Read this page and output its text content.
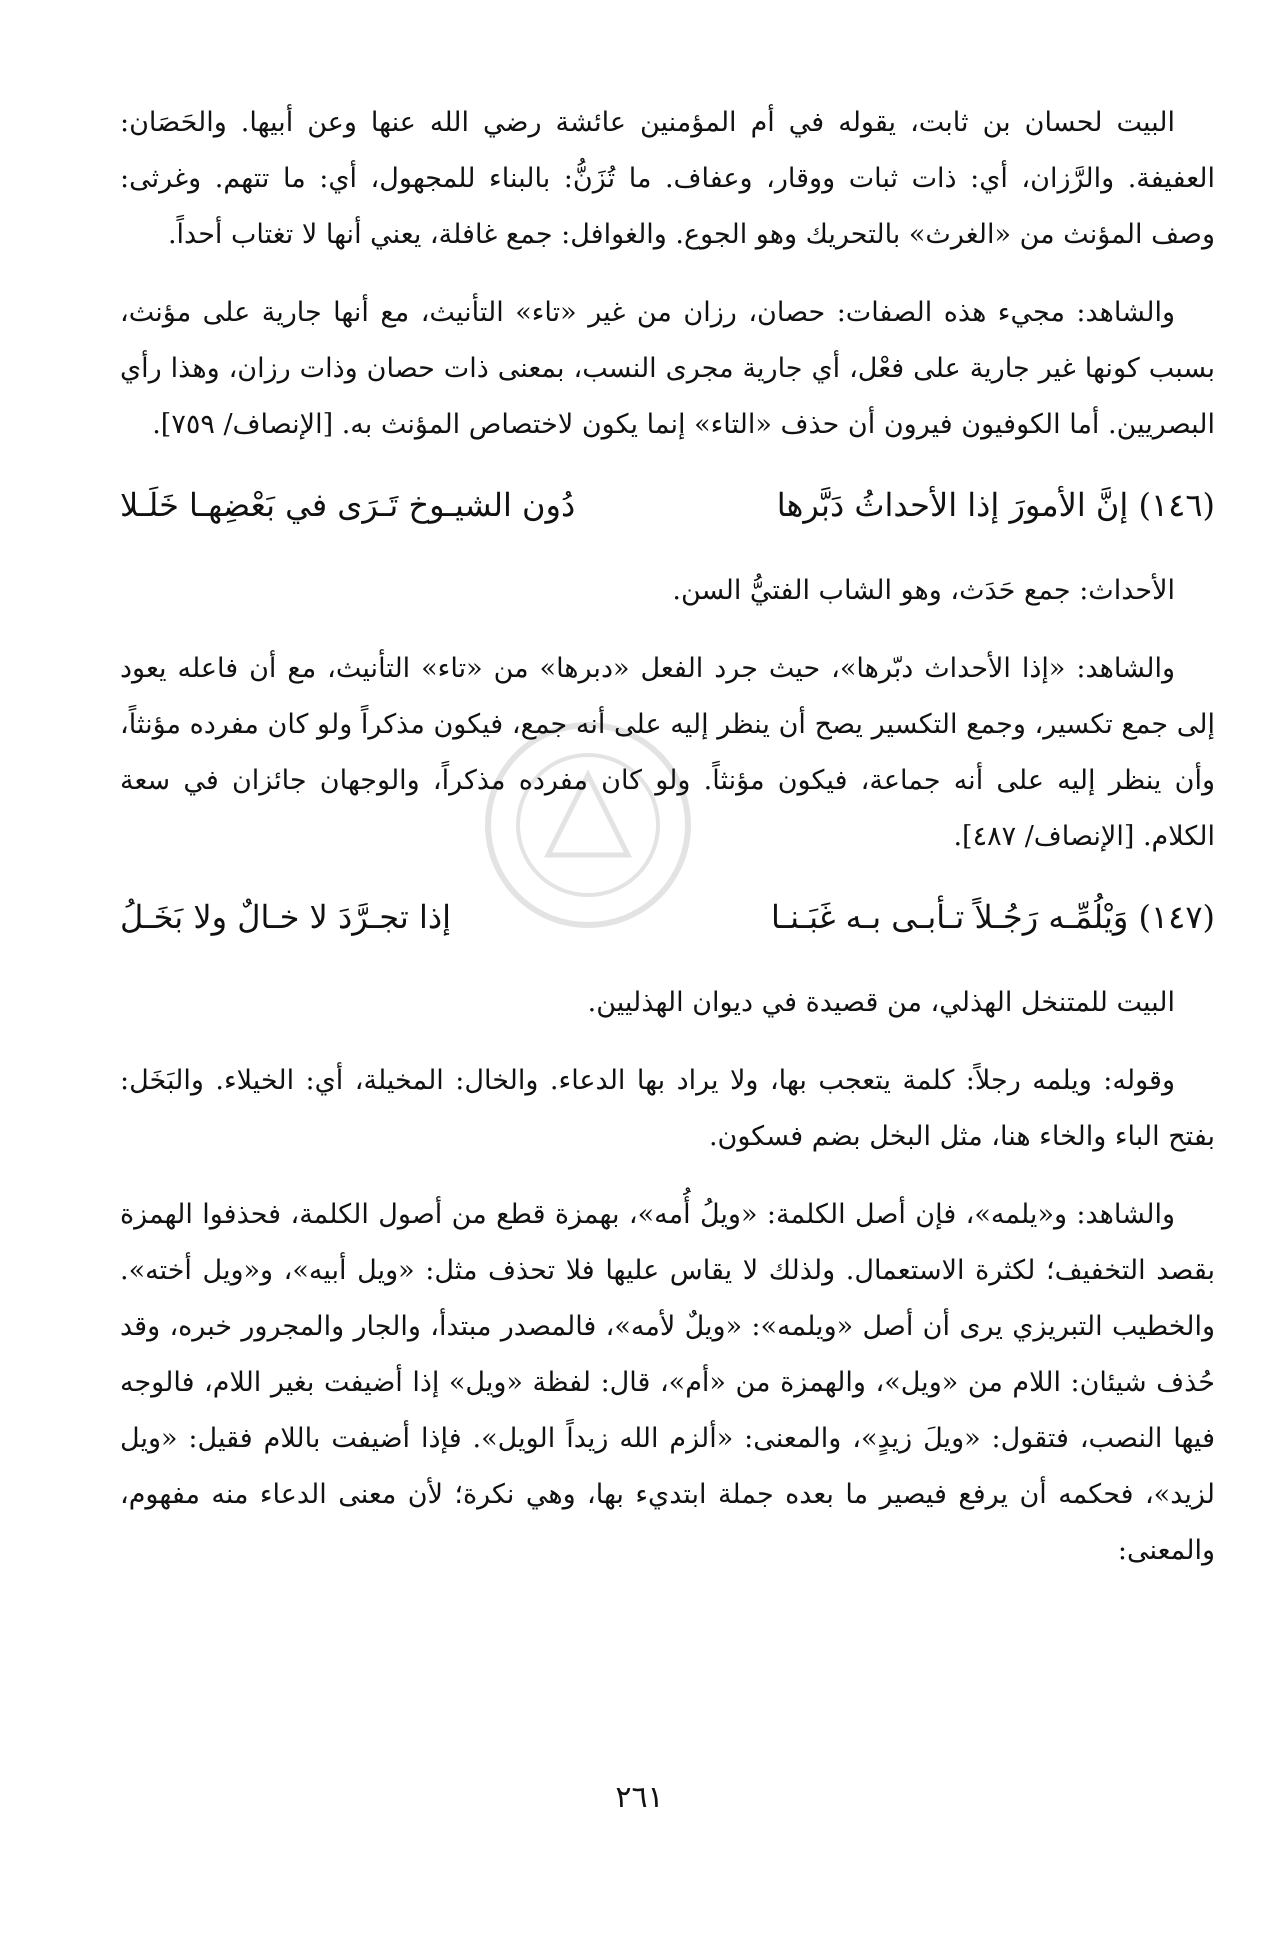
البيت لحسان بن ثابت، يقوله في أم المؤمنين عائشة رضي الله عنها وعن أبيها. والحَصَان: العفيفة. والرَّزان، أي: ذات ثبات ووقار، وعفاف. ما تُزَنُّ: بالبناء للمجهول، أي: ما تتهم. وغرثى: وصف المؤنث من «الغرث» بالتحريك وهو الجوع. والغوافل: جمع غافلة، يعني أنها لا تغتاب أحداً.

والشاهد: مجيء هذه الصفات: حصان، رزان من غير «تاء» التأنيث، مع أنها جارية على مؤنث، بسبب كونها غير جارية على فعْل، أي جارية مجرى النسب، بمعنى ذات حصان وذات رزان، وهذا رأي البصريين. أما الكوفيون فيرون أن حذف «التاء» إنما يكون لاختصاص المؤنث به. [الإنصاف/ ٧٥٩].

(١٤٦) إنَّ الأمورَ إذا الأحداثُ دَبَّرها
دُون الشيـوخ تَـرَى في بَعْضِهـا خَلَـلا

الأحداث: جمع حَدَث، وهو الشاب الفتيُّ السن.

والشاهد: «إذا الأحداث دبّرها»، حيث جرد الفعل «دبرها» من «تاء» التأنيث، مع أن فاعله يعود إلى جمع تكسير، وجمع التكسير يصح أن ينظر إليه على أنه جمع، فيكون مذكراً ولو كان مفرده مؤنثاً، وأن ينظر إليه على أنه جماعة، فيكون مؤنثاً. ولو كان مفرده مذكراً، والوجهان جائزان في سعة الكلام. [الإنصاف/ ٤٨٧].

(١٤٧) وَيْلُمِّـه رَجُـلاً تـأبـى بـه غَبَـنـا
إذا تجـرَّدَ لا خـالٌ ولا بَخَـلُ

البيت للمتنخل الهذلي، من قصيدة في ديوان الهذليين.

وقوله: ويلمه رجلاً: كلمة يتعجب بها، ولا يراد بها الدعاء. والخال: المخيلة، أي: الخيلاء. والبَخَل: بفتح الباء والخاء هنا، مثل البخل بضم فسكون.

والشاهد: و«يلمه»، فإن أصل الكلمة: «ويلُ أُمه»، بهمزة قطع من أصول الكلمة، فحذفوا الهمزة بقصد التخفيف؛ لكثرة الاستعمال. ولذلك لا يقاس عليها فلا تحذف مثل: «ويل أبيه»، و«ويل أخته». والخطيب التبريزي يرى أن أصل «ويلمه»: «ويلٌ لأمه»، فالمصدر مبتدأ، والجار والمجرور خبره، وقد حُذف شيئان: اللام من «ويل»، والهمزة من «أم»، قال: لفظة «ويل» إذا أضيفت بغير اللام، فالوجه فيها النصب، فتقول: «ويلَ زيدٍ»، والمعنى: «ألزم الله زيداً الويل». فإذا أضيفت باللام فقيل: «ويل لزيد»، فحكمه أن يرفع فيصير ما بعده جملة ابتديء بها، وهي نكرة؛ لأن معنى الدعاء منه مفهوم، والمعنى:

٢٦١
